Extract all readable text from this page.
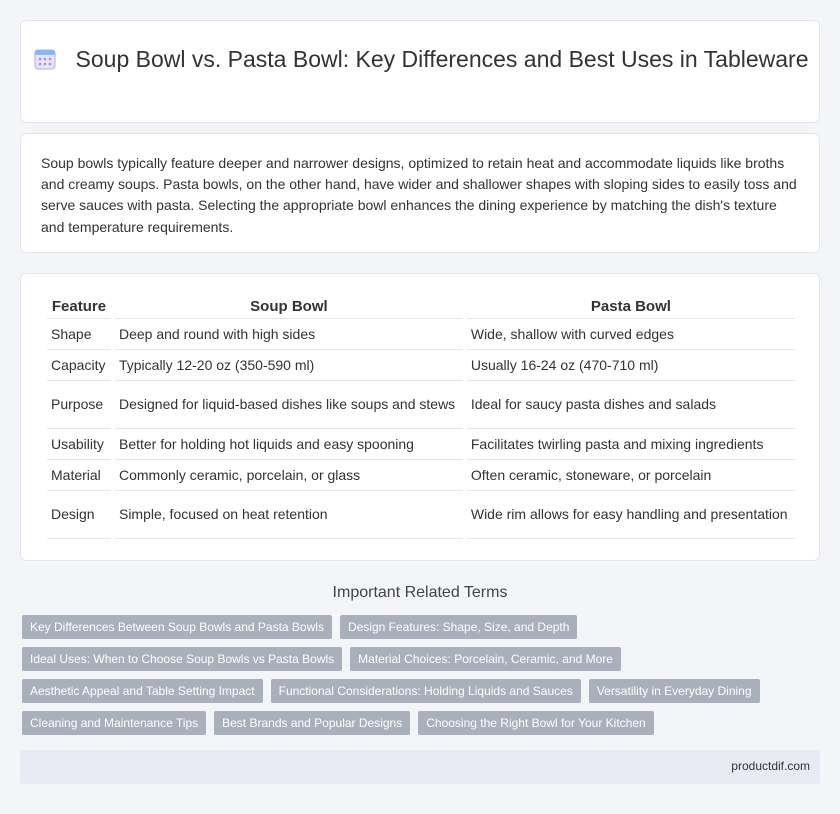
Soup Bowl vs. Pasta Bowl: Key Differences and Best Uses in Tableware

Soup bowls typically feature deeper and narrower designs, optimized to retain heat and accommodate liquids like broths and creamy soups. Pasta bowls, on the other hand, have wider and shallower shapes with sloping sides to easily toss and serve sauces with pasta. Selecting the appropriate bowl enhances the dining experience by matching the dish's texture and temperature requirements.

Feature	Soup Bowl	Pasta Bowl
Shape	Deep and round with high sides	Wide, shallow with curved edges
Capacity	Typically 12-20 oz (350-590 ml)	Usually 16-24 oz (470-710 ml)
Purpose	Designed for liquid-based dishes like soups and stews	Ideal for saucy pasta dishes and salads
Usability	Better for holding hot liquids and easy spooning	Facilitates twirling pasta and mixing ingredients
Material	Commonly ceramic, porcelain, or glass	Often ceramic, stoneware, or porcelain
Design	Simple, focused on heat retention	Wide rim allows for easy handling and presentation
Important Related Terms
Key Differences Between Soup Bowls and Pasta Bowls	Design Features: Shape, Size, and Depth
Ideal Uses: When to Choose Soup Bowls vs Pasta Bowls	Material Choices: Porcelain, Ceramic, and More
Aesthetic Appeal and Table Setting Impact	Functional Considerations: Holding Liquids and Sauces	Versatility in Everyday Dining
Cleaning and Maintenance Tips	Best Brands and Popular Designs	Choosing the Right Bowl for Your Kitchen
productdif.com
